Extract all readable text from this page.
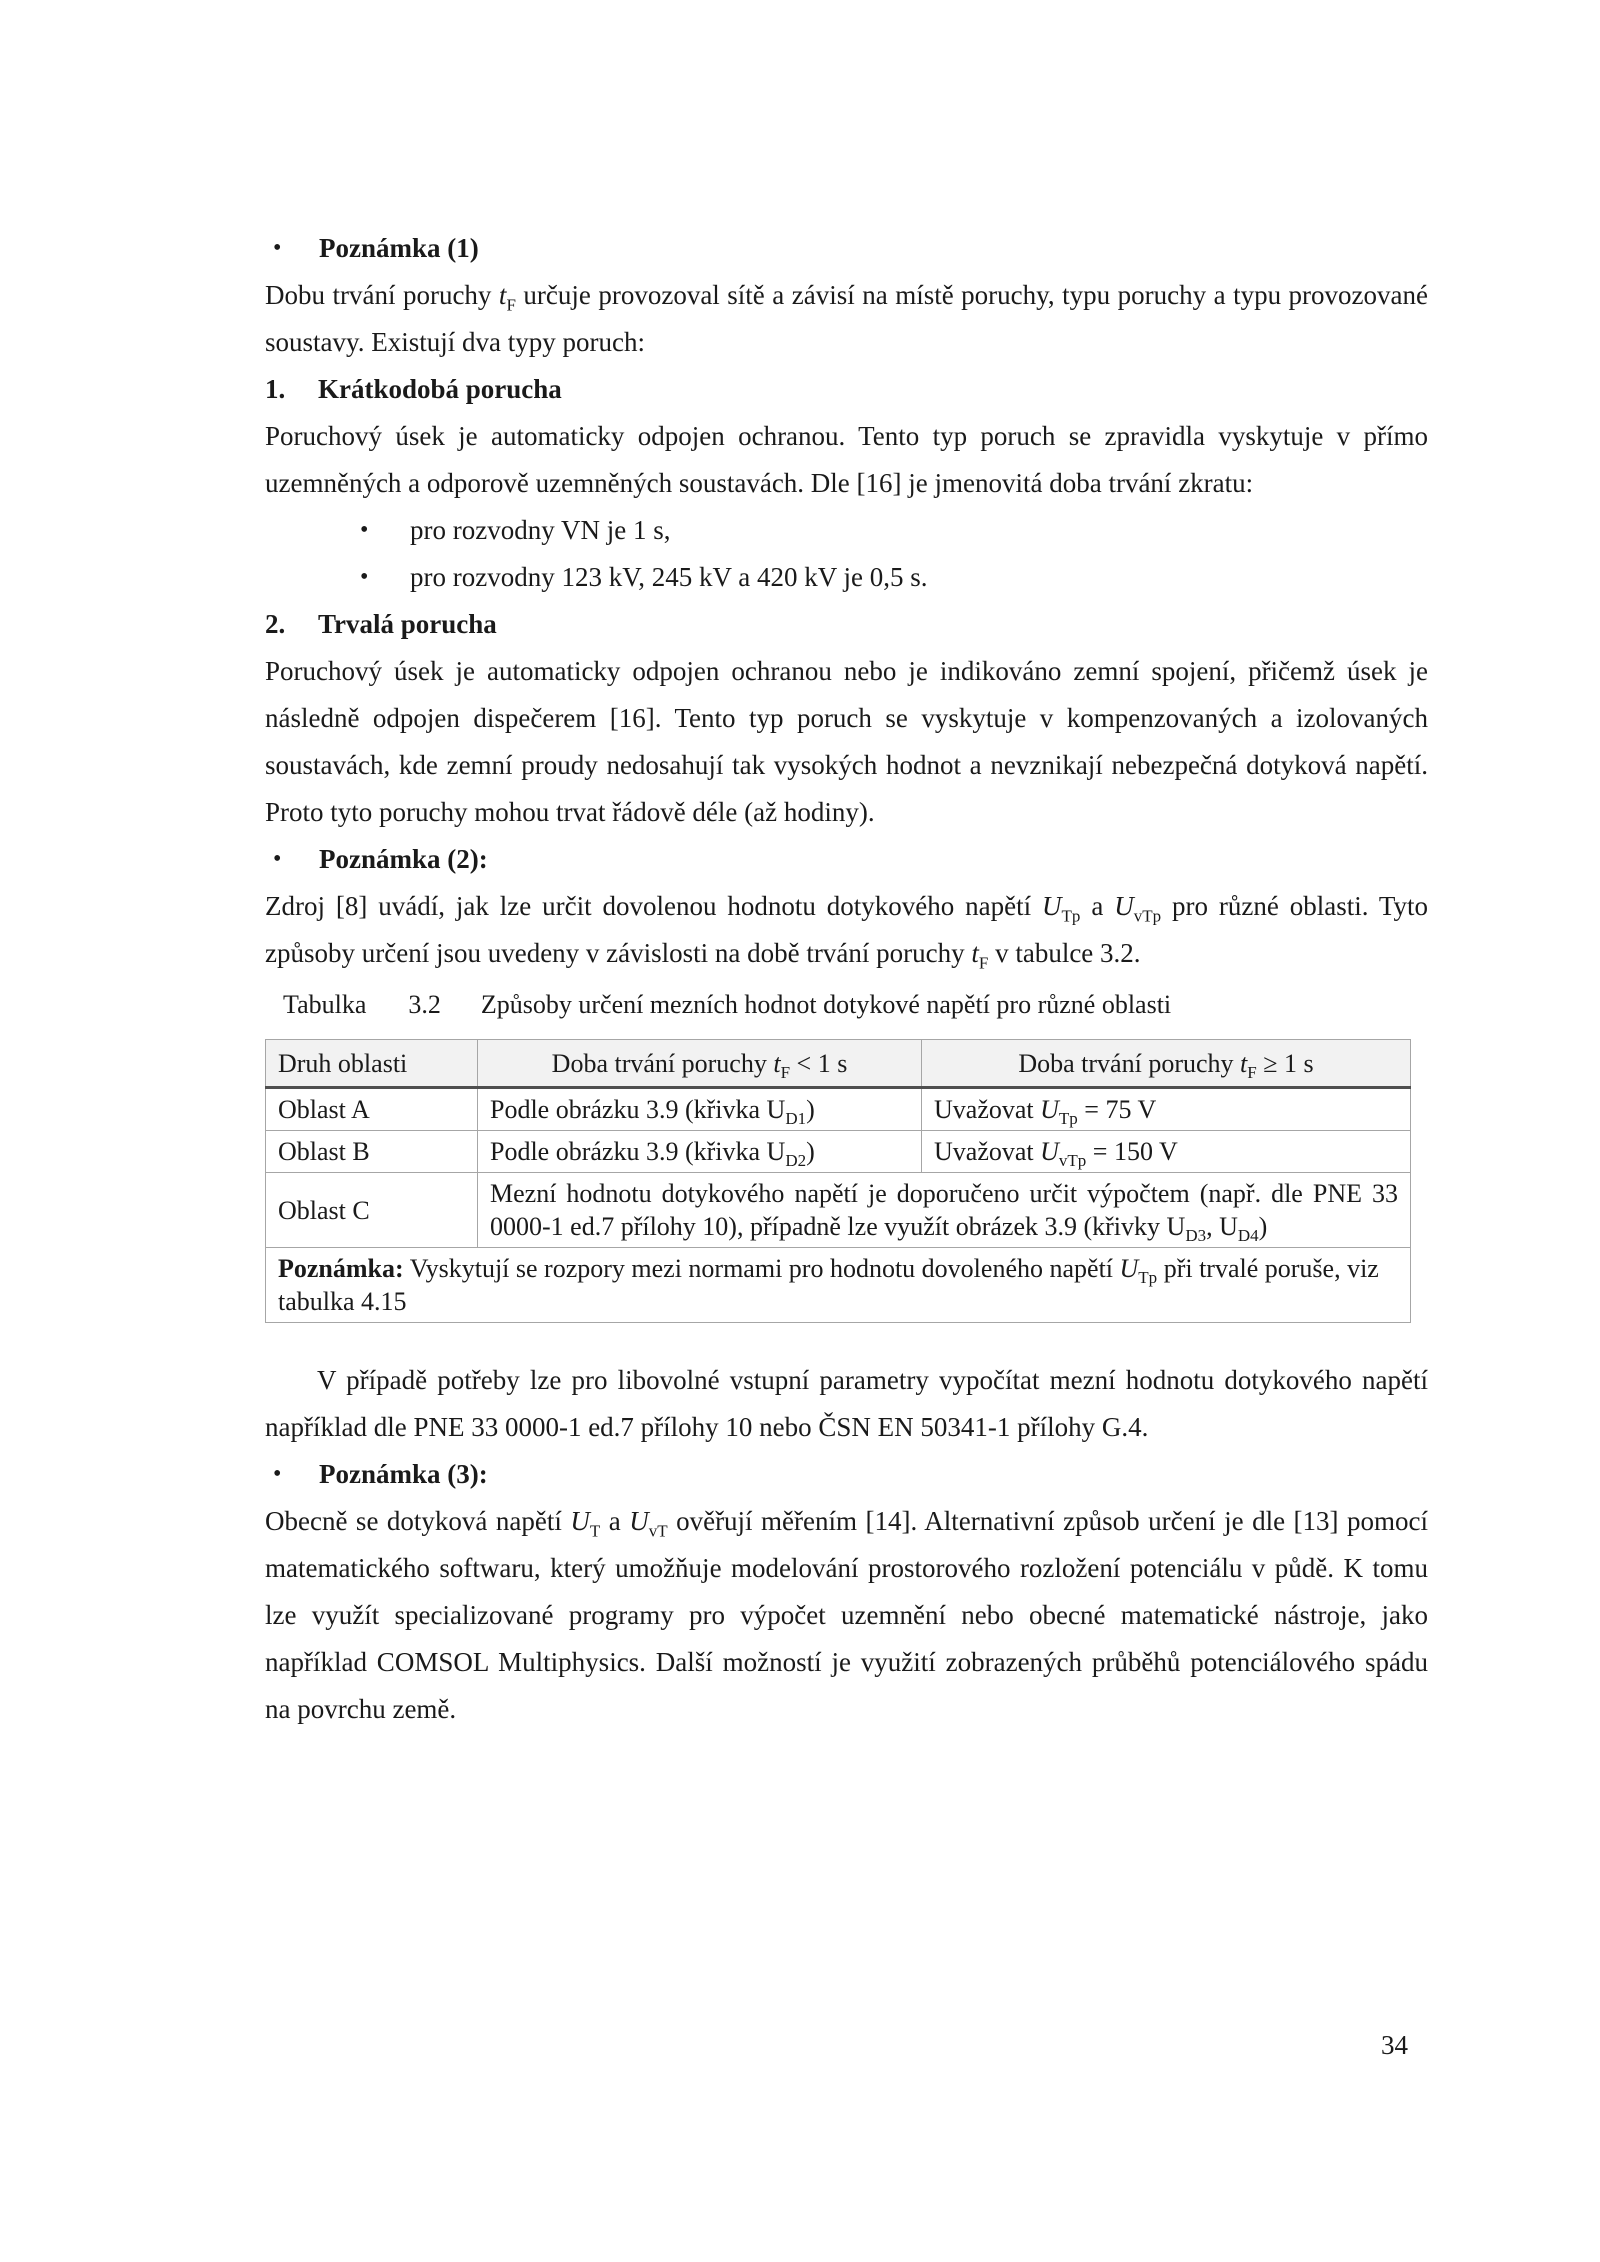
•	Poznámka (1)

Dobu trvání poruchy $t_F$ určuje provozoval sítě a závisí na místě poruchy, typu poruchy a typu provozované soustavy. Existují dva typy poruch:

1.	Krátkodobá porucha

Poruchový úsek je automaticky odpojen ochranou. Tento typ poruch se zpravidla vyskytuje v přímo uzemněných a odporově uzemněných soustavách. Dle [16] je jmenovitá doba trvání zkratu:

•	pro rozvodny VN je 1 s,
•	pro rozvodny 123 kV, 245 kV a 420 kV je 0,5 s.
2.	Trvalá porucha

Poruchový úsek je automaticky odpojen ochranou nebo je indikováno zemní spojení, přičemž úsek je následně odpojen dispečerem [16]. Tento typ poruch se vyskytuje v kompenzovaných a izolovaných soustavách, kde zemní proudy nedosahují tak vysokých hodnot a nevznikají nebezpečná dotyková napětí. Proto tyto poruchy mohou trvat řádově déle (až hodiny).

•	Poznámka (2):

Zdroj [8] uvádí, jak lze určit dovolenou hodnotu dotykového napětí $U_{Tp}$ a $U_{vTp}$ pro různé oblasti. Tyto způsoby určení jsou uvedeny v závislosti na době trvání poruchy $t_F$ v tabulce 3.2.

Tabulka 3.2 Způsoby určení mezních hodnot dotykové napětí pro různé oblasti
Druh oblasti	Doba trvání poruchy $t_F < 1$ s	Doba trvání poruchy $t_F \ge 1$ s
Oblast A	Podle obrázku 3.9 (křivka $U_{D1}$)	Uvažovat $U_{Tp} = 75$ V
Oblast B	Podle obrázku 3.9 (křivka $U_{D2}$)	Uvažovat $U_{vTp} = 150$ V
Oblast C	Mezní hodnotu dotykového napětí je doporučeno určit výpočtem (např. dle PNE 33 0000-1 ed.7 přílohy 10), případně lze využít obrázek 3.9 (křivky $U_{D3}$, $U_{D4}$)	
Poznámka: Vyskytují se rozpory mezi normami pro hodnotu dovoleného napětí $U_{Tp}$ při trvalé poruše, viz tabulka 4.15		

V případě potřeby lze pro libovolné vstupní parametry vypočítat mezní hodnotu dotykového napětí například dle PNE 33 0000-1 ed.7 přílohy 10 nebo ČSN EN 50341-1 přílohy G.4.

•	Poznámka (3):

Obecně se dotyková napětí $U_T$ a $U_{vT}$ ověřují měřením [14]. Alternativní způsob určení je dle [13] pomocí matematického softwaru, který umožňuje modelování prostorového rozložení potenciálu v půdě. K tomu lze využít specializované programy pro výpočet uzemnění nebo obecné matematické nástroje, jako například COMSOL Multiphysics. Další možností je využití zobrazených průběhů potenciálového spádu na povrchu země.

34
